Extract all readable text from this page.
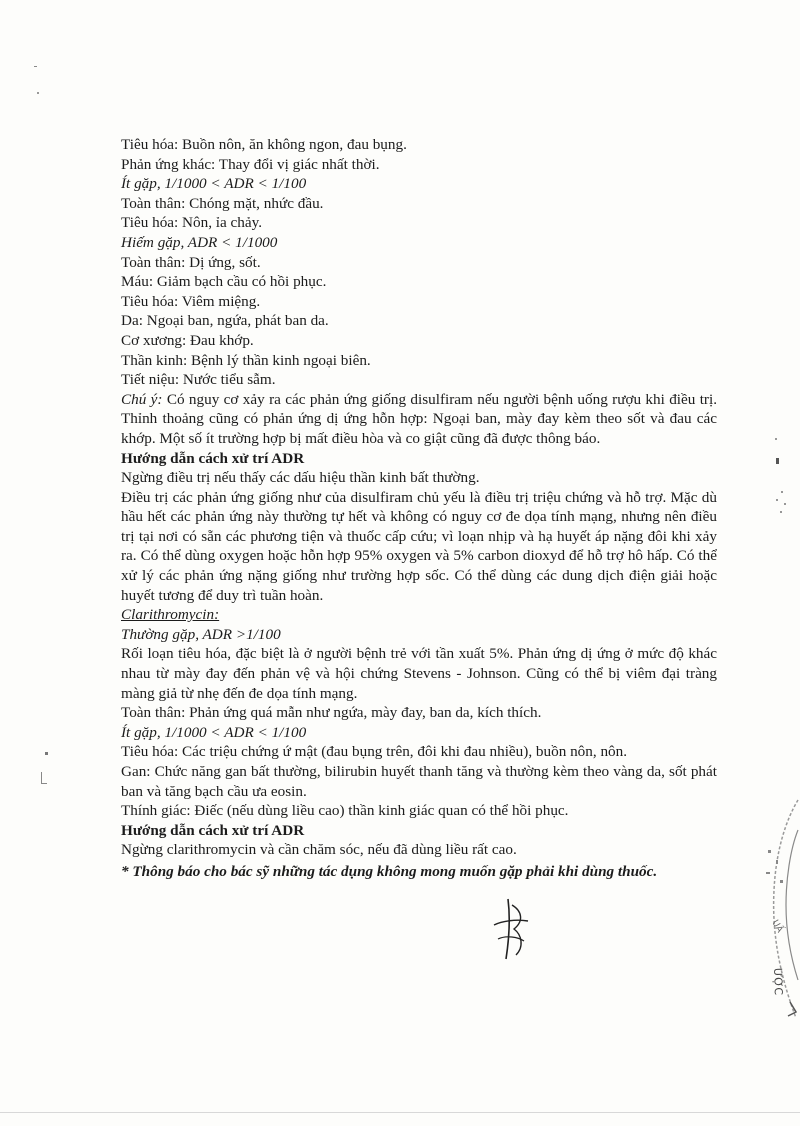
UẤ
ƯỢC

Tiêu hóa: Buồn nôn, ăn không ngon, đau bụng.

Phản ứng khác: Thay đổi vị giác nhất thời.

Ít gặp, 1/1000 < ADR < 1/100

Toàn thân: Chóng mặt, nhức đầu.

Tiêu hóa: Nôn, ỉa chảy.

Hiếm gặp, ADR < 1/1000

Toàn thân: Dị ứng, sốt.

Máu: Giảm bạch cầu có hồi phục.

Tiêu hóa: Viêm miệng.

Da: Ngoại ban, ngứa, phát ban da.

Cơ xương: Đau khớp.

Thần kinh: Bệnh lý thần kinh ngoại biên.

Tiết niệu: Nước tiểu sẫm.

Chú ý: Có nguy cơ xảy ra các phản ứng giống disulfiram nếu người bệnh uống rượu khi điều trị. Thỉnh thoảng cũng có phản ứng dị ứng hỗn hợp: Ngoại ban, mày đay kèm theo sốt và đau các khớp. Một số ít trường hợp bị mất điều hòa và co giật cũng đã được thông báo.

Hướng dẫn cách xử trí ADR

Ngừng điều trị nếu thấy các dấu hiệu thần kinh bất thường.

Điều trị các phản ứng giống như của disulfiram chủ yếu là điều trị triệu chứng và hỗ trợ. Mặc dù hầu hết các phản ứng này thường tự hết và không có nguy cơ đe dọa tính mạng, nhưng nên điều trị tại nơi có sẵn các phương tiện và thuốc cấp cứu; vì loạn nhịp và hạ huyết áp nặng đôi khi xảy ra. Có thể dùng oxygen hoặc hỗn hợp 95% oxygen và 5% carbon dioxyd để hỗ trợ hô hấp. Có thể xử lý các phản ứng nặng giống như trường hợp sốc. Có thể dùng các dung dịch điện giải hoặc huyết tương để duy trì tuần hoàn.

Clarithromycin:

Thường gặp, ADR >1/100

Rối loạn tiêu hóa, đặc biệt là ở người bệnh trẻ với tần xuất 5%. Phản ứng dị ứng ở mức độ khác nhau từ mày đay đến phản vệ và hội chứng Stevens - Johnson. Cũng có thể bị viêm đại tràng màng giả từ nhẹ đến đe dọa tính mạng.

Toàn thân: Phản ứng quá mẫn như ngứa, mày đay, ban da, kích thích.

Ít gặp, 1/1000 < ADR < 1/100

Tiêu hóa: Các triệu chứng ứ mật (đau bụng trên, đôi khi đau nhiều), buồn nôn, nôn.

Gan: Chức năng gan bất thường, bilirubin huyết thanh tăng và thường kèm theo vàng da, sốt phát ban và tăng bạch cầu ưa eosin.

Thính giác: Điếc (nếu dùng liều cao) thần kinh giác quan có thể hồi phục.

Hướng dẫn cách xử trí ADR

Ngừng clarithromycin và cần chăm sóc, nếu đã dùng liều rất cao.

* Thông báo cho bác sỹ những tác dụng không mong muốn gặp phải khi dùng thuốc.
